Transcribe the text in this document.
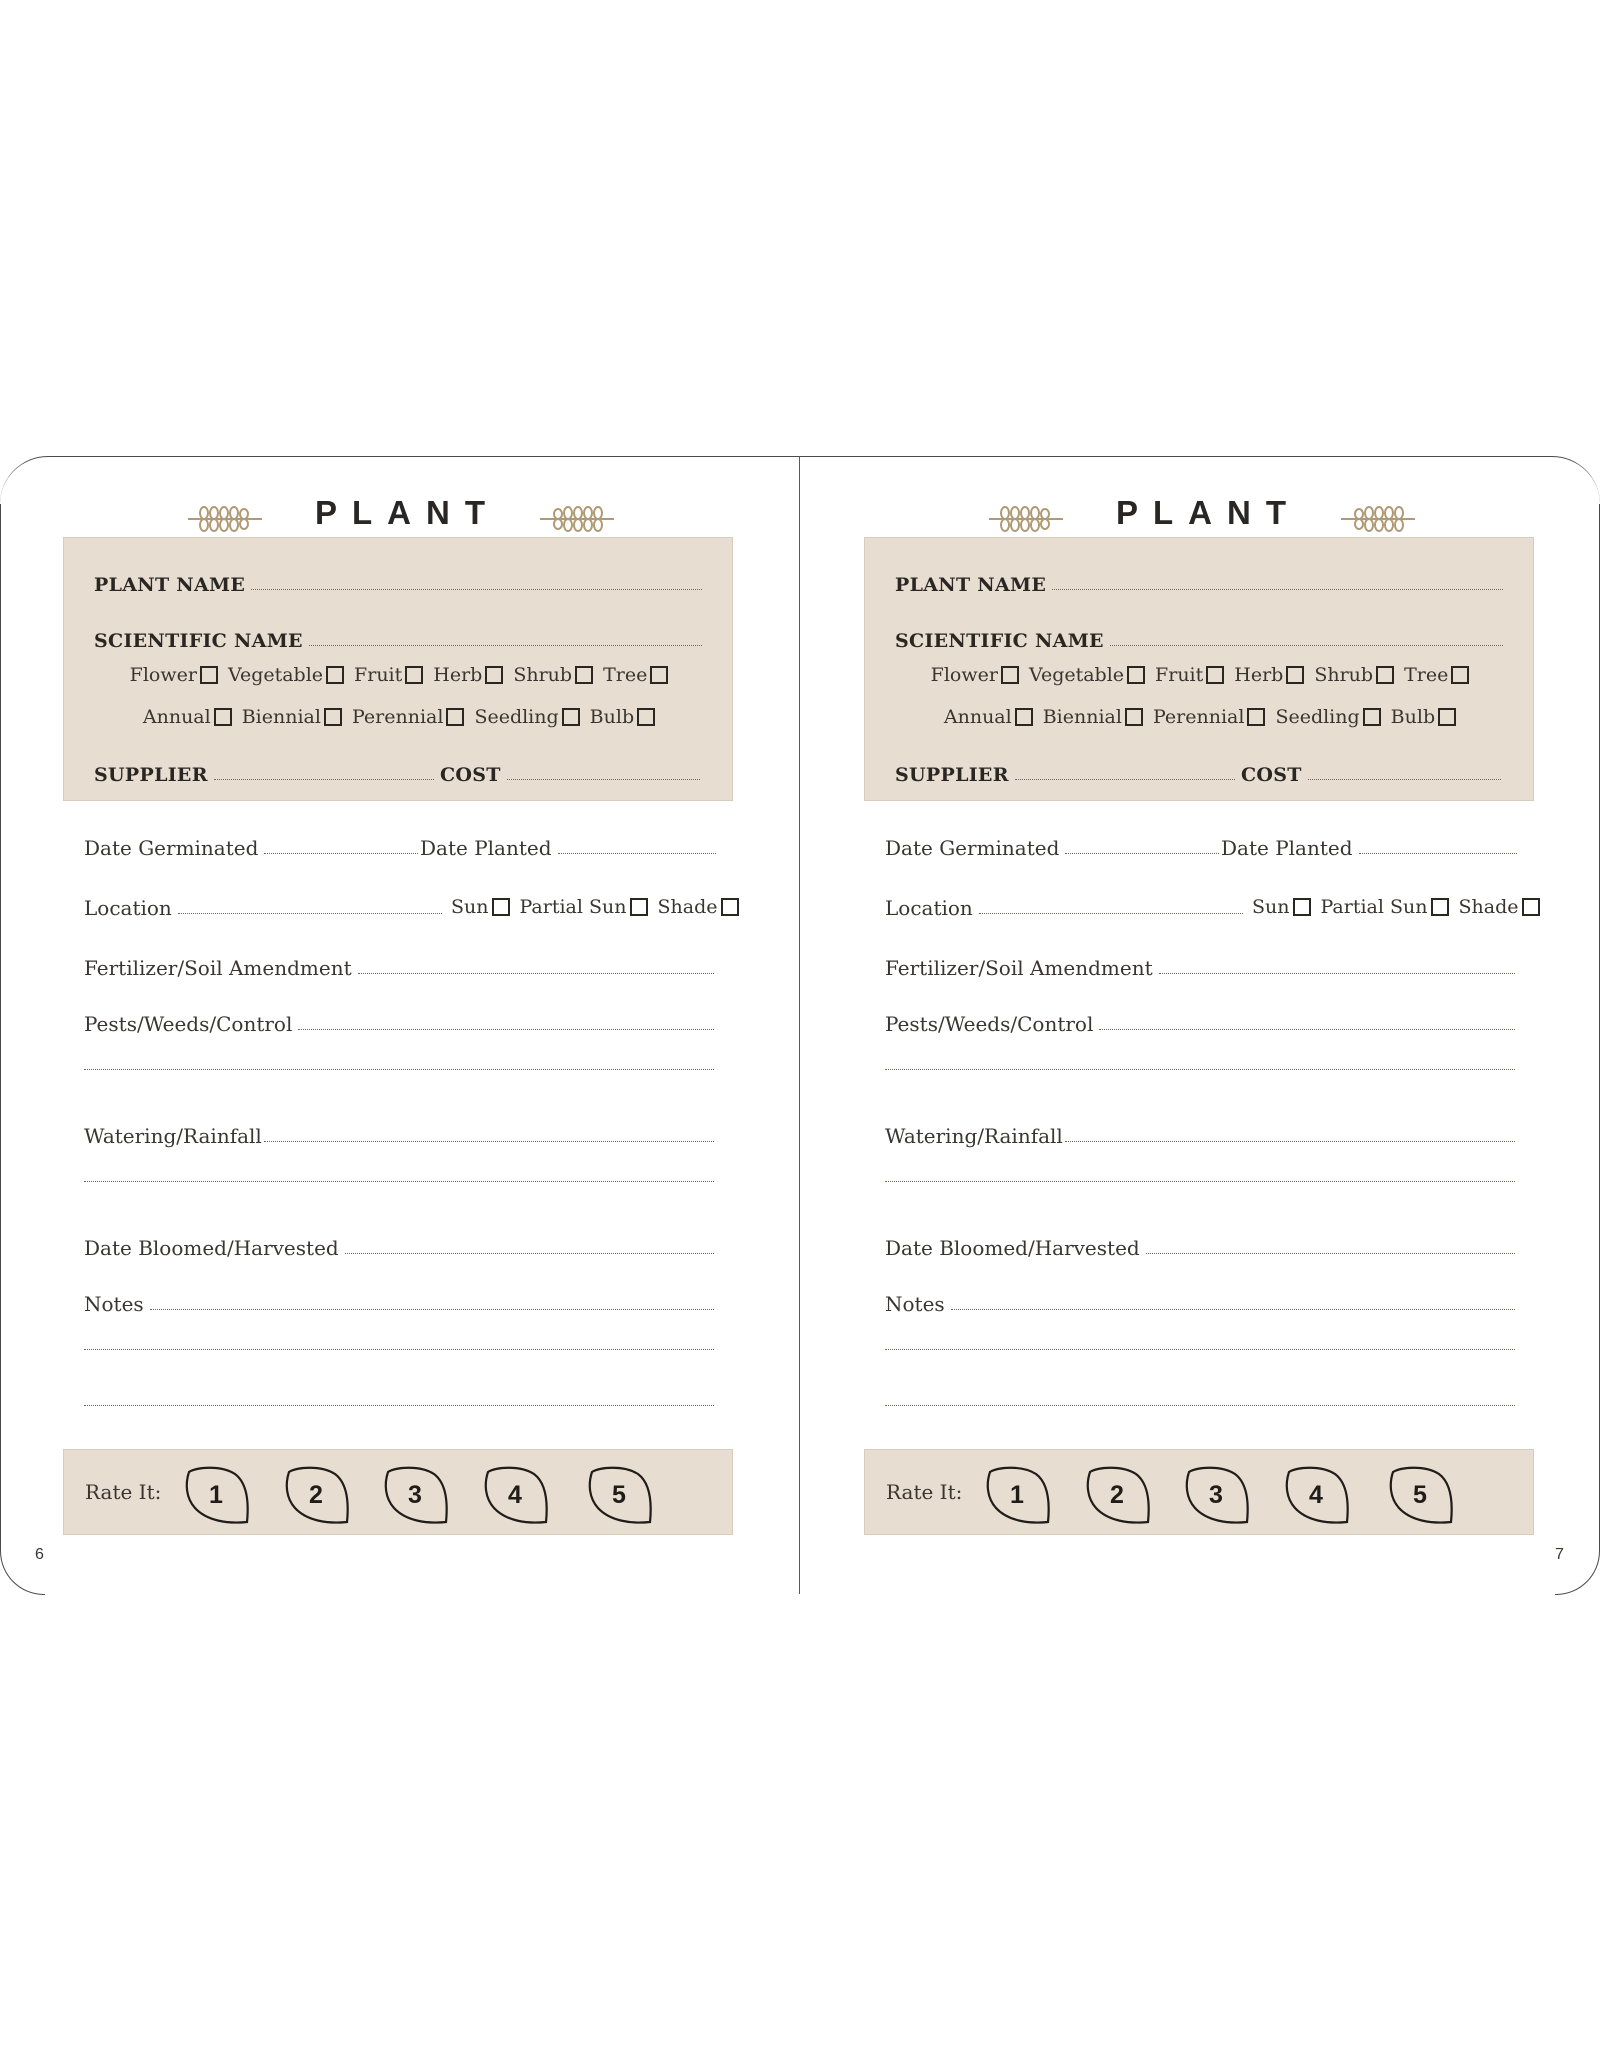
PLANT
PLANT NAME
SCIENTIFIC NAME
Flower Vegetable Fruit Herb Shrub Tree
Annual Biennial Perennial Seedling Bulb
SUPPLIER	COST
Date Germinated	Date Planted
Location	Sun Partial Sun Shade
Fertilizer/Soil Amendment
Pests/Weeds/Control
Watering/Rainfall
Date Bloomed/Harvested
Notes
Rate It:	1	2	3	4	5
6
PLANT
PLANT NAME
SCIENTIFIC NAME
Flower Vegetable Fruit Herb Shrub Tree
Annual Biennial Perennial Seedling Bulb
SUPPLIER	COST
Date Germinated	Date Planted
Location	Sun Partial Sun Shade
Fertilizer/Soil Amendment
Pests/Weeds/Control
Watering/Rainfall
Date Bloomed/Harvested
Notes
Rate It:	1	2	3	4	5
7
